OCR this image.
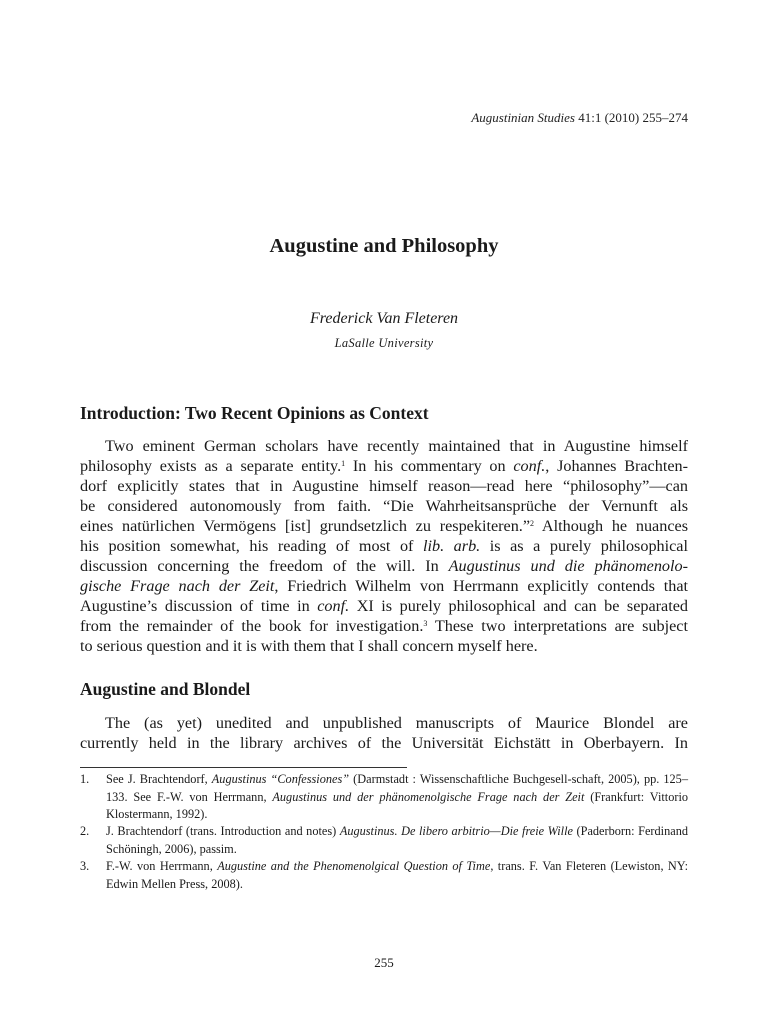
Augustinian Studies 41:1 (2010) 255–274
Augustine and Philosophy
Frederick Van Fleteren
LaSalle University
Introduction: Two Recent Opinions as Context
Two eminent German scholars have recently maintained that in Augustine himself
philosophy exists as a separate entity.$^1$ In his commentary on conf., Johannes Brachten-
dorf explicitly states that in Augustine himself reason—read here “philosophy”—can
be considered autonomously from faith. “Die Wahrheitsansprüche der Vernunft als
eines natürlichen Vermögens [ist] grundsetzlich zu respekiteren.”$^2$ Although he nuances
his position somewhat, his reading of most of lib. arb. is as a purely philosophical
discussion concerning the freedom of the will. In Augustinus und die phänomenolo-
gische Frage nach der Zeit, Friedrich Wilhelm von Herrmann explicitly contends that
Augustine’s discussion of time in conf. XI is purely philosophical and can be separated
from the remainder of the book for investigation.$^3$ These two interpretations are subject
to serious question and it is with them that I shall concern myself here.
Augustine and Blondel
The (as yet) unedited and unpublished manuscripts of Maurice Blondel are
currently held in the library archives of the Universität Eichstätt in Oberbayern. In
1. See J. Brachtendorf, Augustinus “Confessiones” (Darmstadt : Wissenschaftliche Buchgesell-schaft, 2005), pp. 125–133. See F.-W. von Herrmann, Augustinus und der phänomenolgische Frage nach der Zeit (Frankfurt: Vittorio Klostermann, 1992).
2. J. Brachtendorf (trans. Introduction and notes) Augustinus. De libero arbitrio—Die freie Wille (Paderborn: Ferdinand Schöningh, 2006), passim.
3. F.-W. von Herrmann, Augustine and the Phenomenolgical Question of Time, trans. F. Van Fleteren (Lewiston, NY: Edwin Mellen Press, 2008).
255
